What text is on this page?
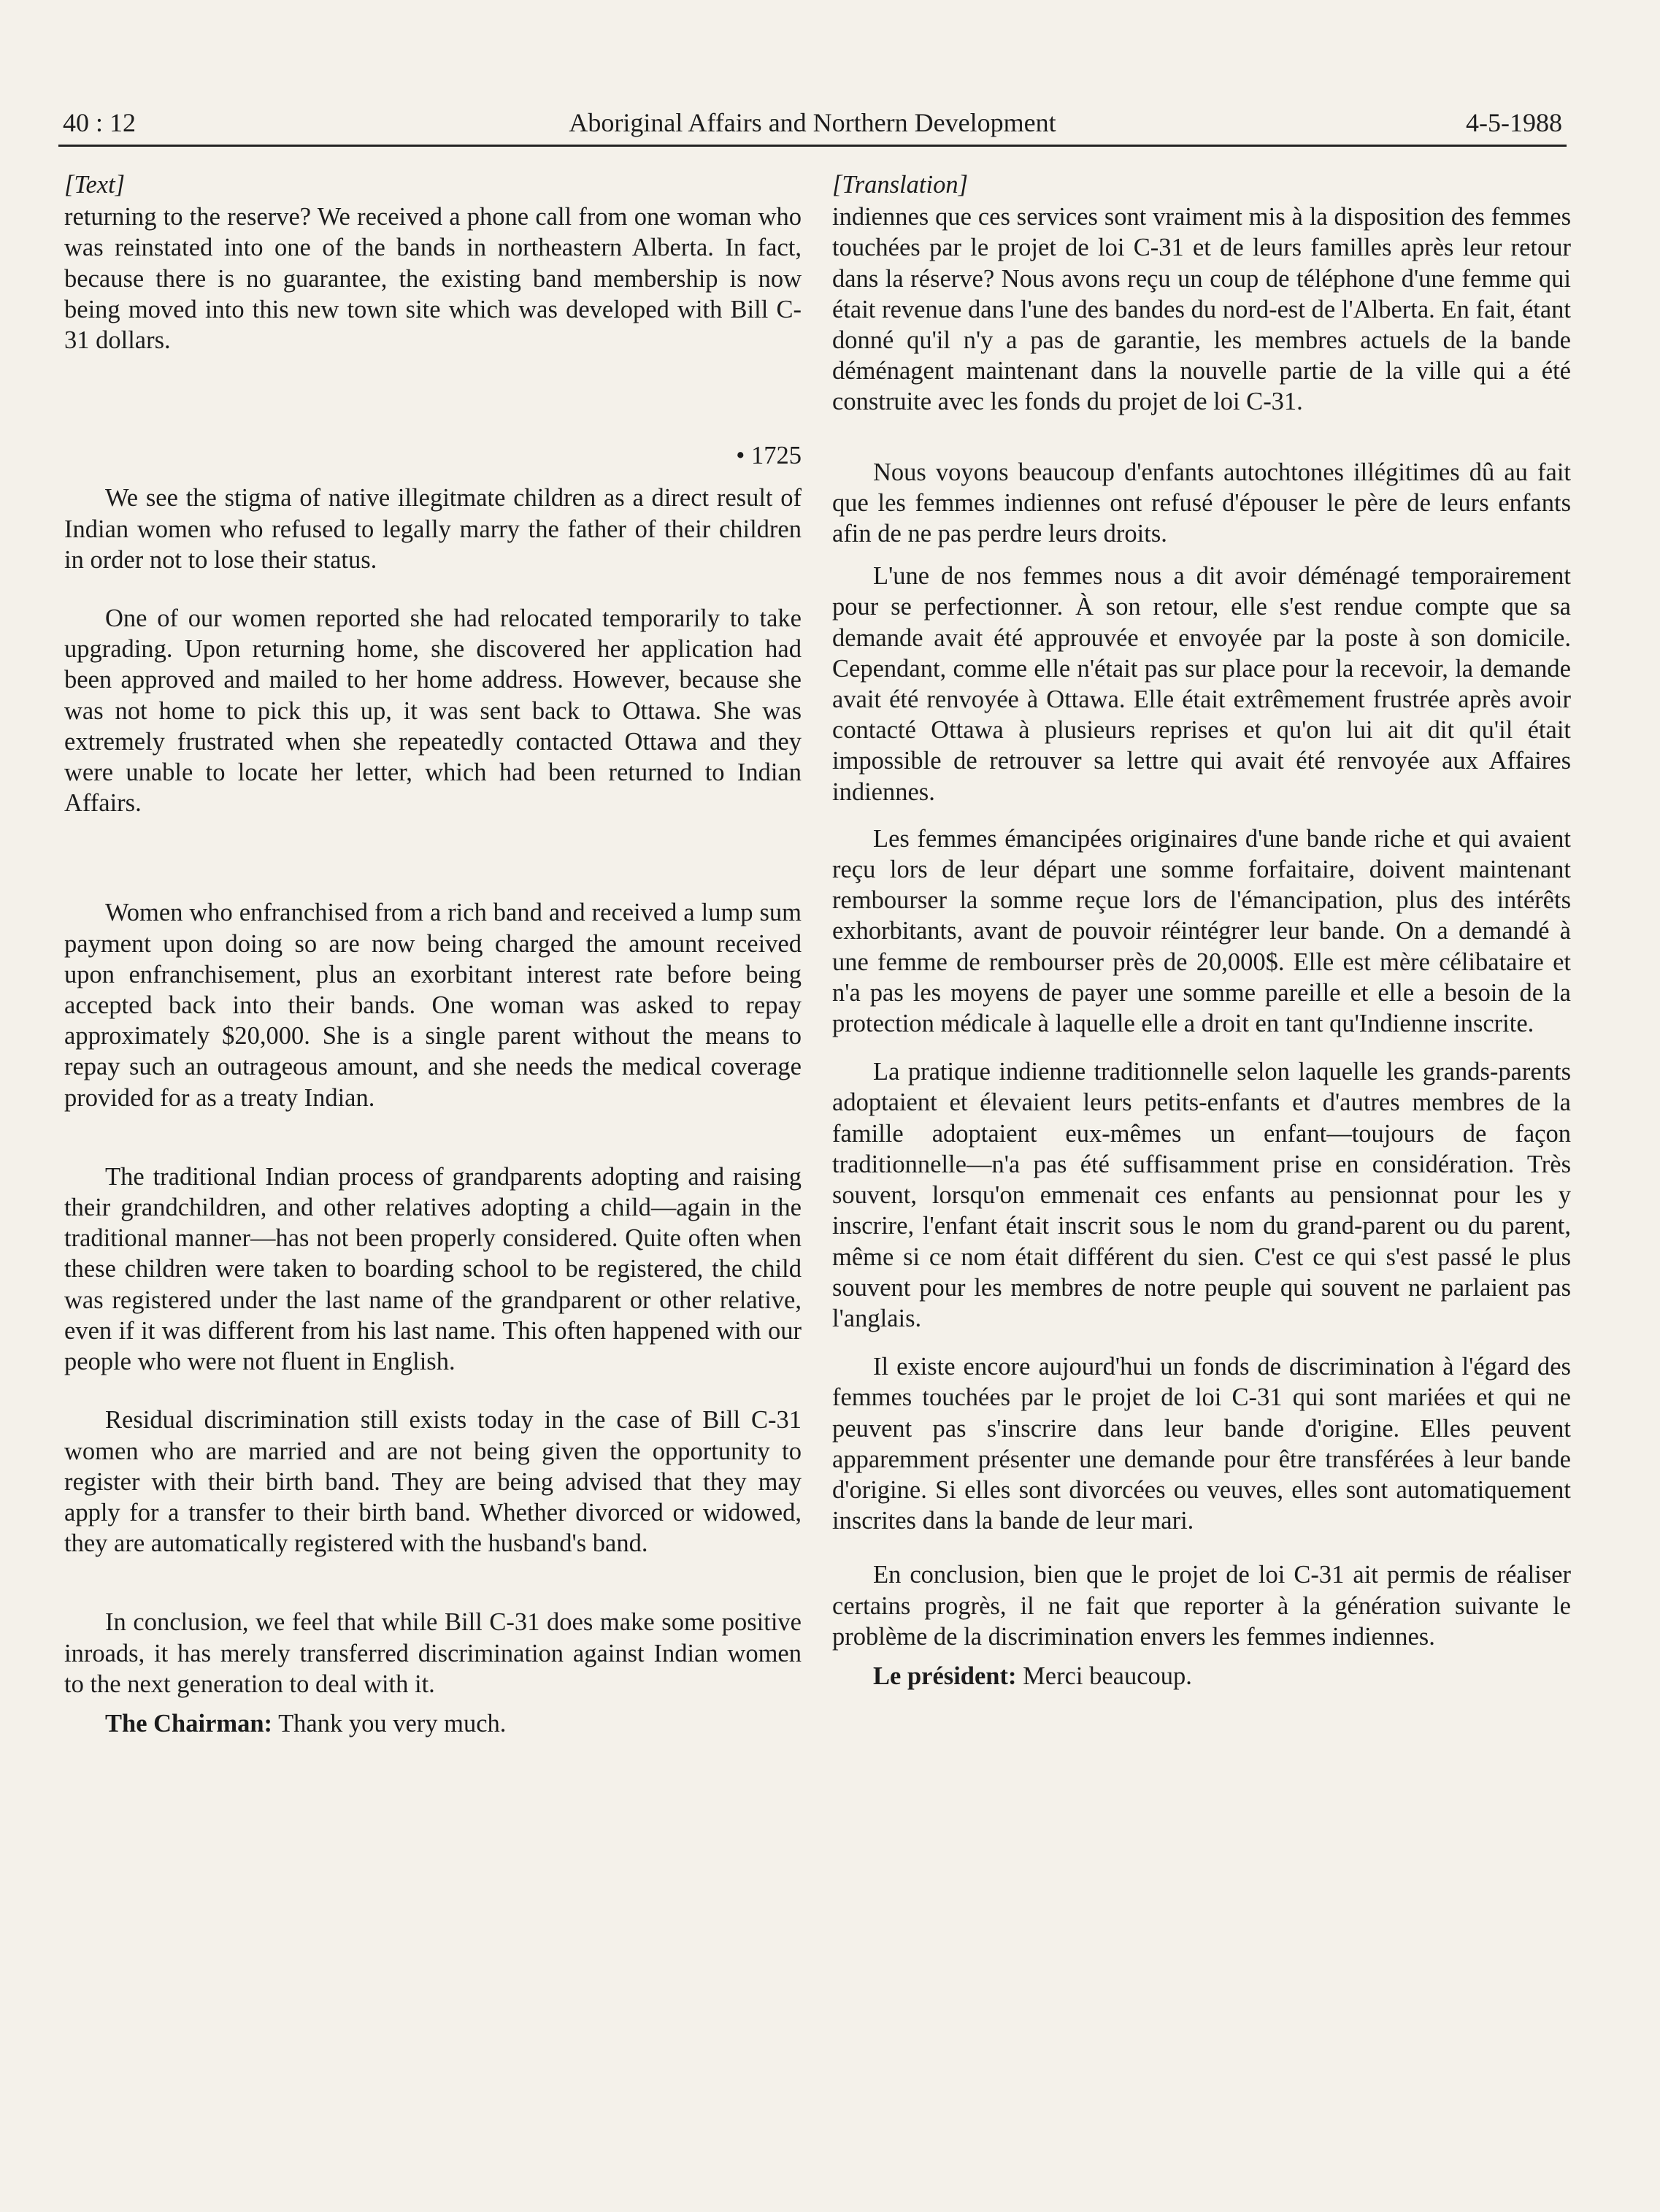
40 : 12	Aboriginal Affairs and Northern Development	4-5-1988
[Text]

returning to the reserve? We received a phone call from one woman who was reinstated into one of the bands in northeastern Alberta. In fact, because there is no guarantee, the existing band membership is now being moved into this new town site which was developed with Bill C-31 dollars.

• 1725

We see the stigma of native illegitmate children as a direct result of Indian women who refused to legally marry the father of their children in order not to lose their status.

One of our women reported she had relocated temporarily to take upgrading. Upon returning home, she discovered her application had been approved and mailed to her home address. However, because she was not home to pick this up, it was sent back to Ottawa. She was extremely frustrated when she repeatedly contacted Ottawa and they were unable to locate her letter, which had been returned to Indian Affairs.

Women who enfranchised from a rich band and received a lump sum payment upon doing so are now being charged the amount received upon enfranchisement, plus an exorbitant interest rate before being accepted back into their bands. One woman was asked to repay approximately $20,000. She is a single parent without the means to repay such an outrageous amount, and she needs the medical coverage provided for as a treaty Indian.

The traditional Indian process of grandparents adopting and raising their grandchildren, and other relatives adopting a child—again in the traditional manner—has not been properly considered. Quite often when these children were taken to boarding school to be registered, the child was registered under the last name of the grandparent or other relative, even if it was different from his last name. This often happened with our people who were not fluent in English.

Residual discrimination still exists today in the case of Bill C-31 women who are married and are not being given the opportunity to register with their birth band. They are being advised that they may apply for a transfer to their birth band. Whether divorced or widowed, they are automatically registered with the husband's band.

In conclusion, we feel that while Bill C-31 does make some positive inroads, it has merely transferred discrimination against Indian women to the next generation to deal with it.

The Chairman: Thank you very much.

[Translation]

indiennes que ces services sont vraiment mis à la disposition des femmes touchées par le projet de loi C-31 et de leurs familles après leur retour dans la réserve? Nous avons reçu un coup de téléphone d'une femme qui était revenue dans l'une des bandes du nord-est de l'Alberta. En fait, étant donné qu'il n'y a pas de garantie, les membres actuels de la bande déménagent maintenant dans la nouvelle partie de la ville qui a été construite avec les fonds du projet de loi C-31.

Nous voyons beaucoup d'enfants autochtones illégitimes dû au fait que les femmes indiennes ont refusé d'épouser le père de leurs enfants afin de ne pas perdre leurs droits.

L'une de nos femmes nous a dit avoir déménagé temporairement pour se perfectionner. À son retour, elle s'est rendue compte que sa demande avait été approuvée et envoyée par la poste à son domicile. Cependant, comme elle n'était pas sur place pour la recevoir, la demande avait été renvoyée à Ottawa. Elle était extrêmement frustrée après avoir contacté Ottawa à plusieurs reprises et qu'on lui ait dit qu'il était impossible de retrouver sa lettre qui avait été renvoyée aux Affaires indiennes.

Les femmes émancipées originaires d'une bande riche et qui avaient reçu lors de leur départ une somme forfaitaire, doivent maintenant rembourser la somme reçue lors de l'émancipation, plus des intérêts exhorbitants, avant de pouvoir réintégrer leur bande. On a demandé à une femme de rembourser près de 20,000$. Elle est mère célibataire et n'a pas les moyens de payer une somme pareille et elle a besoin de la protection médicale à laquelle elle a droit en tant qu'Indienne inscrite.

La pratique indienne traditionnelle selon laquelle les grands-parents adoptaient et élevaient leurs petits-enfants et d'autres membres de la famille adoptaient eux-mêmes un enfant—toujours de façon traditionnelle—n'a pas été suffisamment prise en considération. Très souvent, lorsqu'on emmenait ces enfants au pensionnat pour les y inscrire, l'enfant était inscrit sous le nom du grand-parent ou du parent, même si ce nom était différent du sien. C'est ce qui s'est passé le plus souvent pour les membres de notre peuple qui souvent ne parlaient pas l'anglais.

Il existe encore aujourd'hui un fonds de discrimination à l'égard des femmes touchées par le projet de loi C-31 qui sont mariées et qui ne peuvent pas s'inscrire dans leur bande d'origine. Elles peuvent apparemment présenter une demande pour être transférées à leur bande d'origine. Si elles sont divorcées ou veuves, elles sont automatiquement inscrites dans la bande de leur mari.

En conclusion, bien que le projet de loi C-31 ait permis de réaliser certains progrès, il ne fait que reporter à la génération suivante le problème de la discrimination envers les femmes indiennes.

Le président: Merci beaucoup.
